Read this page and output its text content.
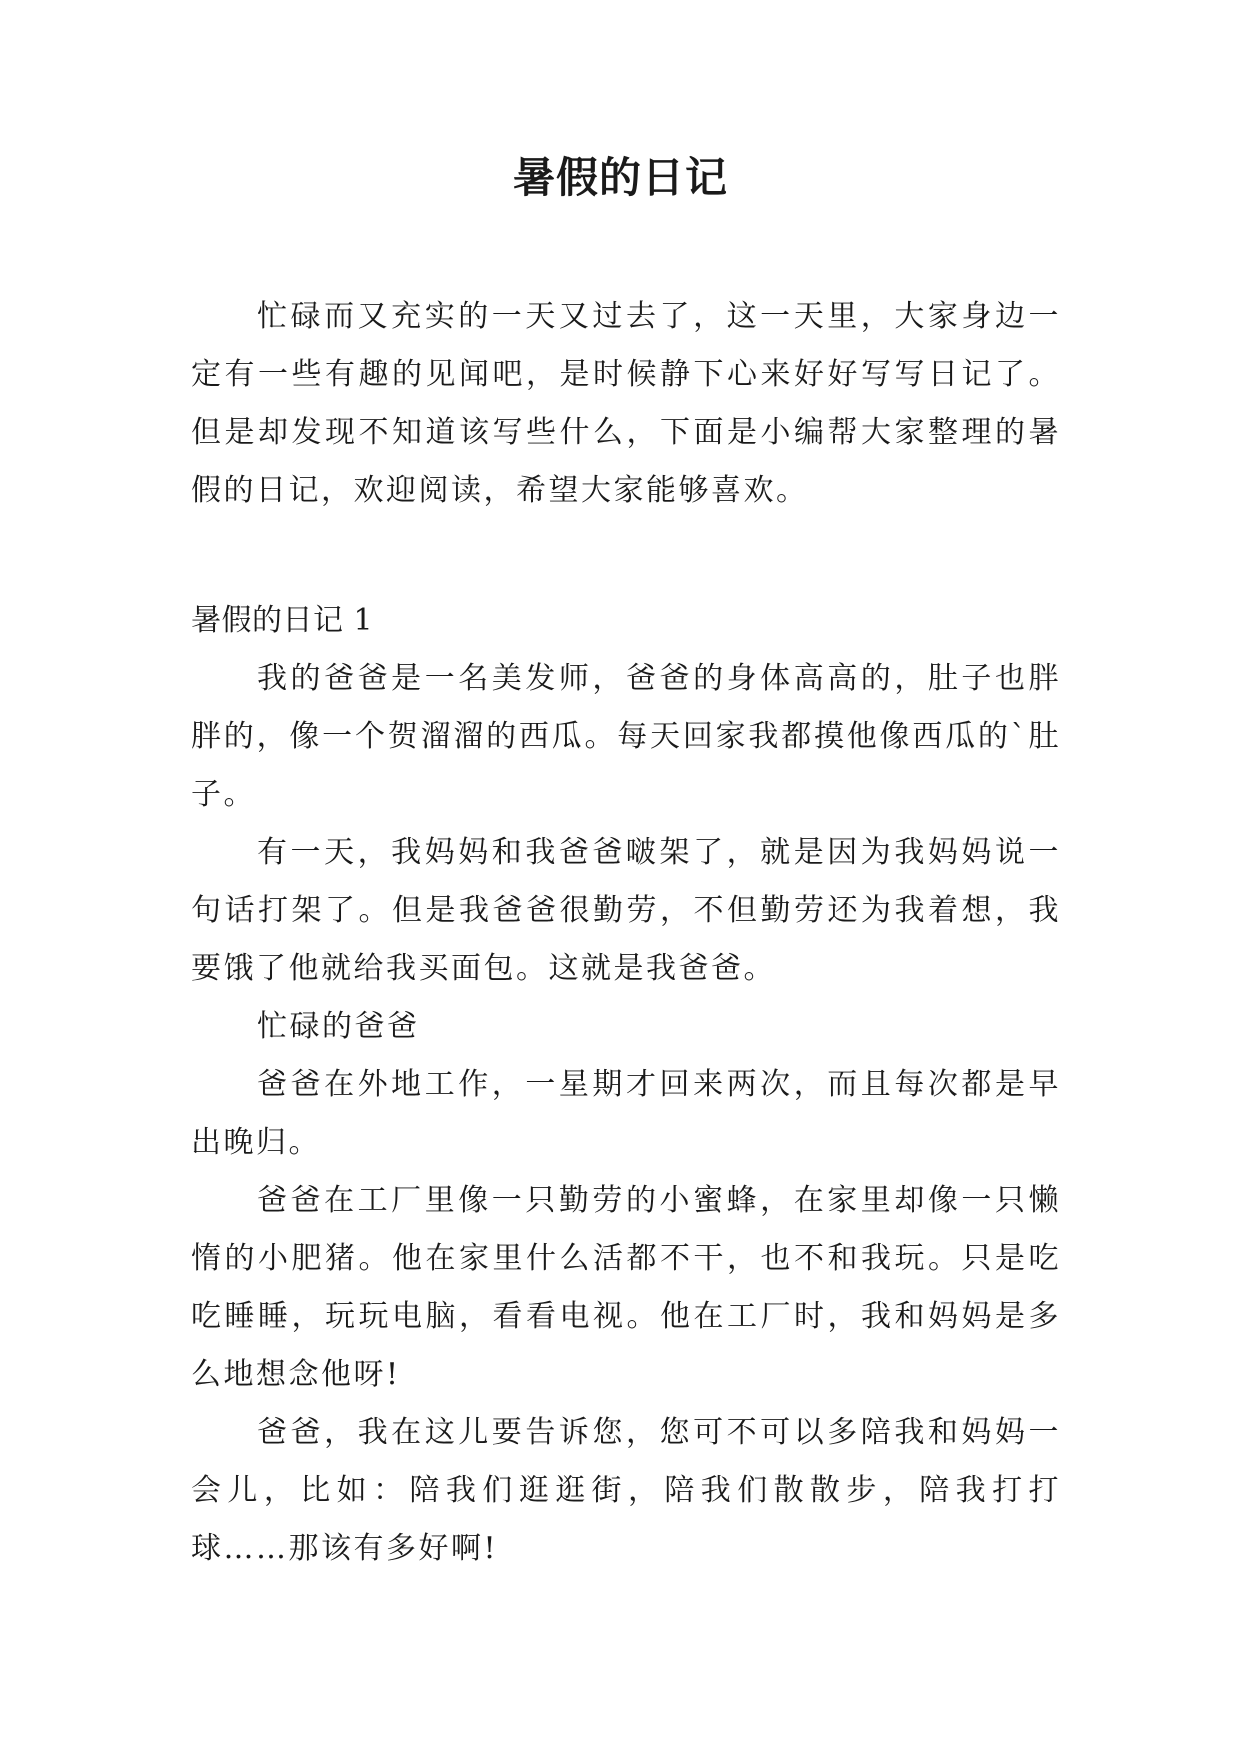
暑假的日记

忙碌而又充实的一天又过去了，这一天里，大家身边一定有一些有趣的见闻吧，是时候静下心来好好写写日记了。但是却发现不知道该写些什么，下面是小编帮大家整理的暑假的日记，欢迎阅读，希望大家能够喜欢。

暑假的日记 1

我的爸爸是一名美发师，爸爸的身体高高的，肚子也胖胖的，像一个贺溜溜的西瓜。每天回家我都摸他像西瓜的`肚子。

有一天，我妈妈和我爸爸啵架了，就是因为我妈妈说一句话打架了。但是我爸爸很勤劳，不但勤劳还为我着想，我要饿了他就给我买面包。这就是我爸爸。

忙碌的爸爸

爸爸在外地工作，一星期才回来两次，而且每次都是早出晚归。

爸爸在工厂里像一只勤劳的小蜜蜂，在家里却像一只懒惰的小肥猪。他在家里什么活都不干，也不和我玩。只是吃吃睡睡，玩玩电脑，看看电视。他在工厂时，我和妈妈是多么地想念他呀!

爸爸，我在这儿要告诉您，您可不可以多陪我和妈妈一会儿，比如：陪我们逛逛街，陪我们散散步，陪我打打球……那该有多好啊!
